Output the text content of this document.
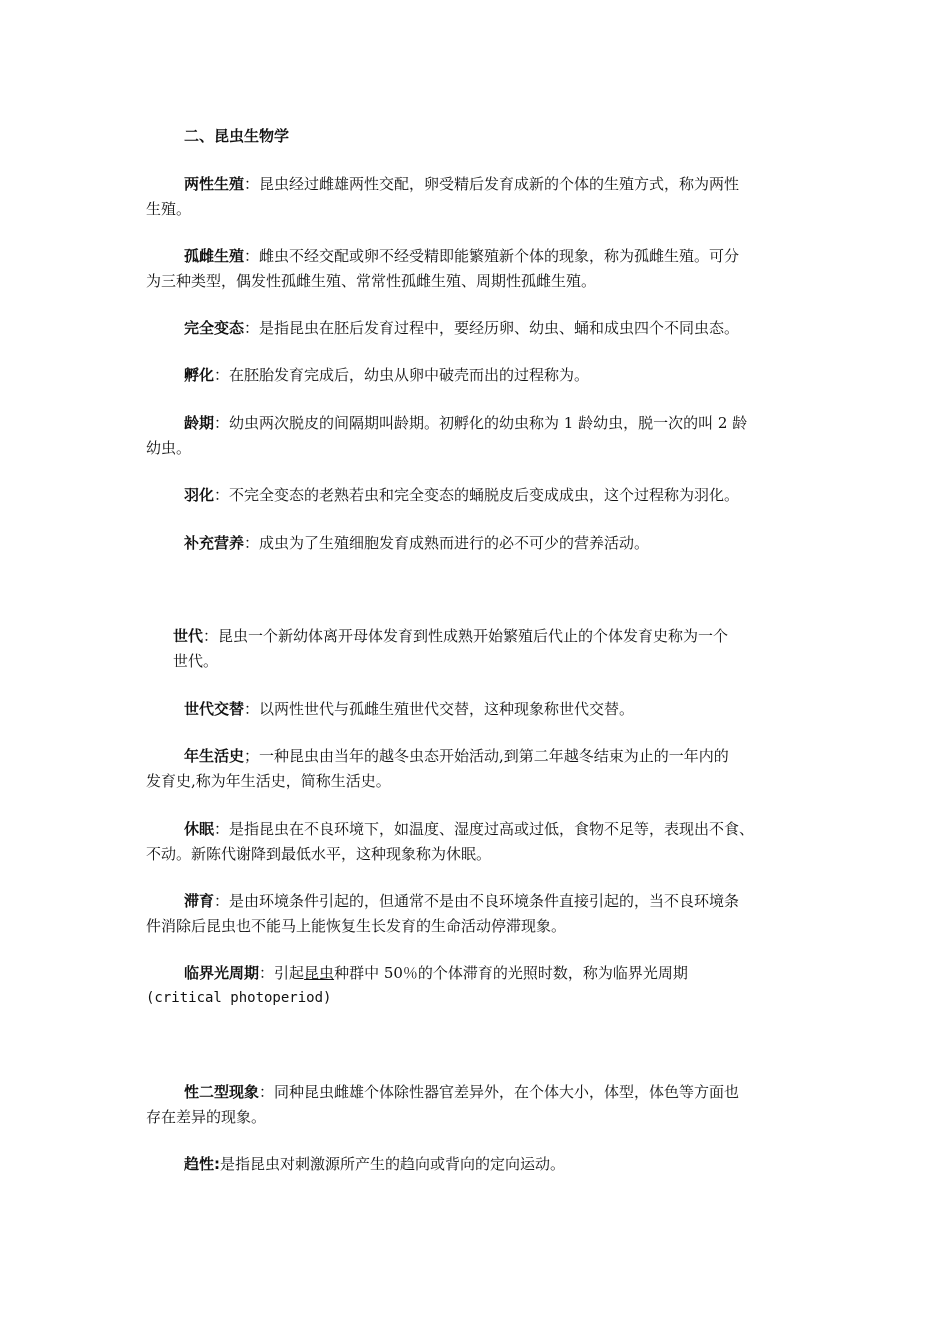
二、昆虫生物学
两性生殖：昆虫经过雌雄两性交配，卵受精后发育成新的个体的生殖方式，称为两性
生殖。
孤雌生殖：雌虫不经交配或卵不经受精即能繁殖新个体的现象，称为孤雌生殖。可分
为三种类型，偶发性孤雌生殖、常常性孤雌生殖、周期性孤雌生殖。
完全变态：是指昆虫在胚后发育过程中，要经历卵、幼虫、蛹和成虫四个不同虫态。
孵化：在胚胎发育完成后，幼虫从卵中破壳而出的过程称为。
龄期：幼虫两次脱皮的间隔期叫龄期。初孵化的幼虫称为 1 龄幼虫，脱一次的叫 2 龄
幼虫。
羽化：不完全变态的老熟若虫和完全变态的蛹脱皮后变成成虫，这个过程称为羽化。
补充营养：成虫为了生殖细胞发育成熟而进行的必不可少的营养活动。
世代：昆虫一个新幼体离开母体发育到性成熟开始繁殖后代止的个体发育史称为一个
世代。
世代交替：以两性世代与孤雌生殖世代交替，这种现象称世代交替。
年生活史；一种昆虫由当年的越冬虫态开始活动,到第二年越冬结束为止的一年内的
发育史,称为年生活史，简称生活史。
休眠：是指昆虫在不良环境下，如温度、湿度过高或过低，食物不足等，表现出不食、
不动。新陈代谢降到最低水平，这种现象称为休眠。
滞育：是由环境条件引起的，但通常不是由不良环境条件直接引起的，当不良环境条
件消除后昆虫也不能马上能恢复生长发育的生命活动停滞现象。
临界光周期：引起昆虫种群中 50％的个体滞育的光照时数，称为临界光周期
(critical photoperiod)
性二型现象：同种昆虫雌雄个体除性器官差异外，在个体大小，体型，体色等方面也
存在差异的现象。
趋性:是指昆虫对刺激源所产生的趋向或背向的定向运动。
